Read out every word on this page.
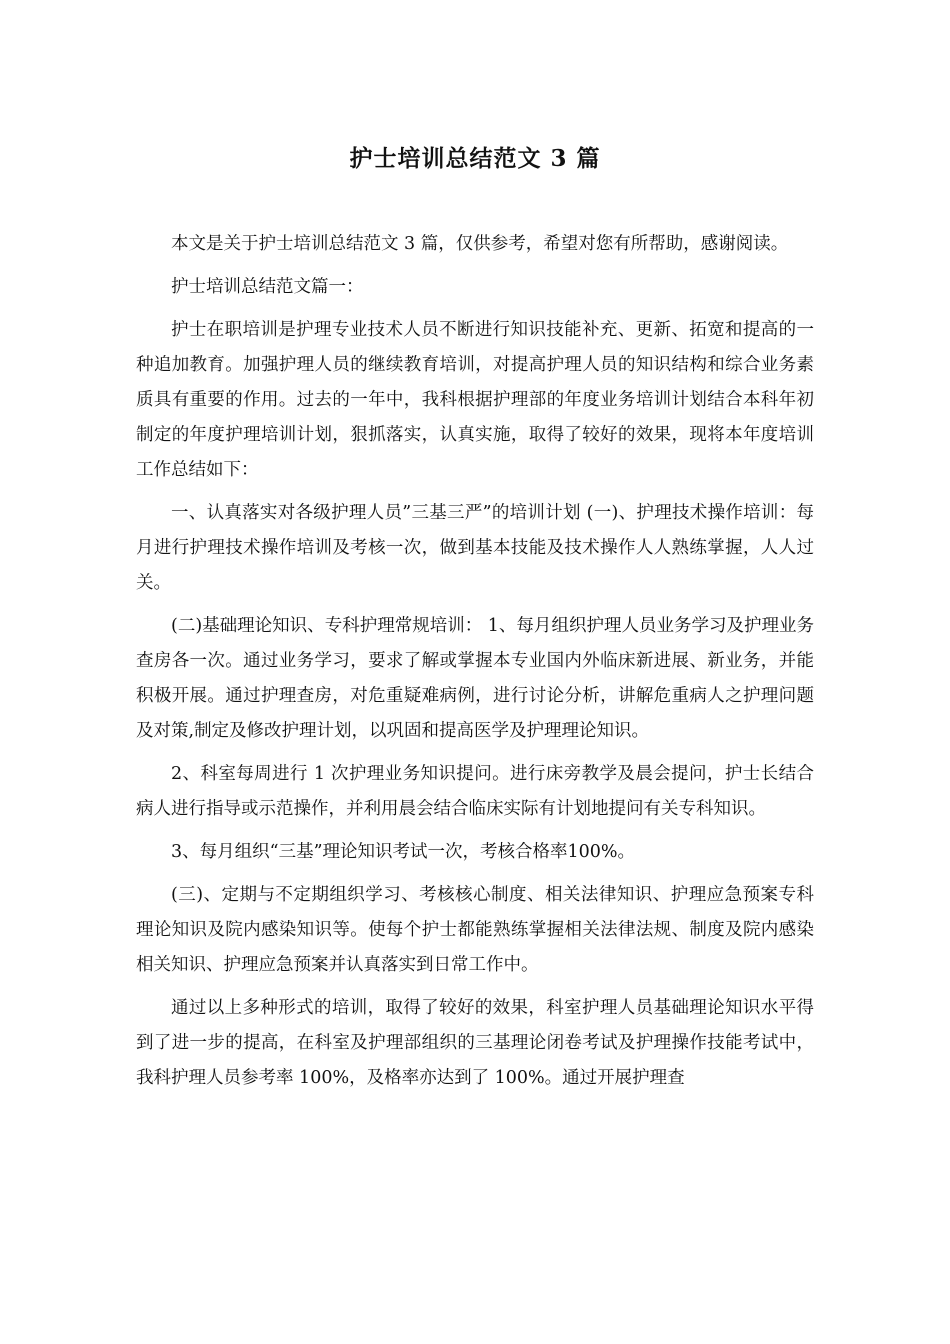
护士培训总结范文 3 篇

本文是关于护士培训总结范文 3 篇，仅供参考，希望对您有所帮助，感谢阅读。

护士培训总结范文篇一：

护士在职培训是护理专业技术人员不断进行知识技能补充、更新、拓宽和提高的一种追加教育。加强护理人员的继续教育培训，对提高护理人员的知识结构和综合业务素质具有重要的作用。过去的一年中，我科根据护理部的年度业务培训计划结合本科年初制定的年度护理培训计划，狠抓落实，认真实施，取得了较好的效果，现将本年度培训工作总结如下：

一、认真落实对各级护理人员”三基三严”的培训计划 (一)、护理技术操作培训：每月进行护理技术操作培训及考核一次，做到基本技能及技术操作人人熟练掌握，人人过关。

(二)基础理论知识、专科护理常规培训： 1、每月组织护理人员业务学习及护理业务查房各一次。通过业务学习，要求了解或掌握本专业国内外临床新进展、新业务，并能积极开展。通过护理查房，对危重疑难病例，进行讨论分析，讲解危重病人之护理问题及对策,制定及修改护理计划，以巩固和提高医学及护理理论知识。

2、科室每周进行 1 次护理业务知识提问。进行床旁教学及晨会提问，护士长结合病人进行指导或示范操作，并利用晨会结合临床实际有计划地提问有关专科知识。

3、每月组织“三基”理论知识考试一次，考核合格率100%。

(三)、定期与不定期组织学习、考核核心制度、相关法律知识、护理应急预案专科理论知识及院内感染知识等。使每个护士都能熟练掌握相关法律法规、制度及院内感染相关知识、护理应急预案并认真落实到日常工作中。

通过以上多种形式的培训，取得了较好的效果，科室护理人员基础理论知识水平得到了进一步的提高，在科室及护理部组织的三基理论闭卷考试及护理操作技能考试中，我科护理人员参考率 100%，及格率亦达到了 100%。通过开展护理查
